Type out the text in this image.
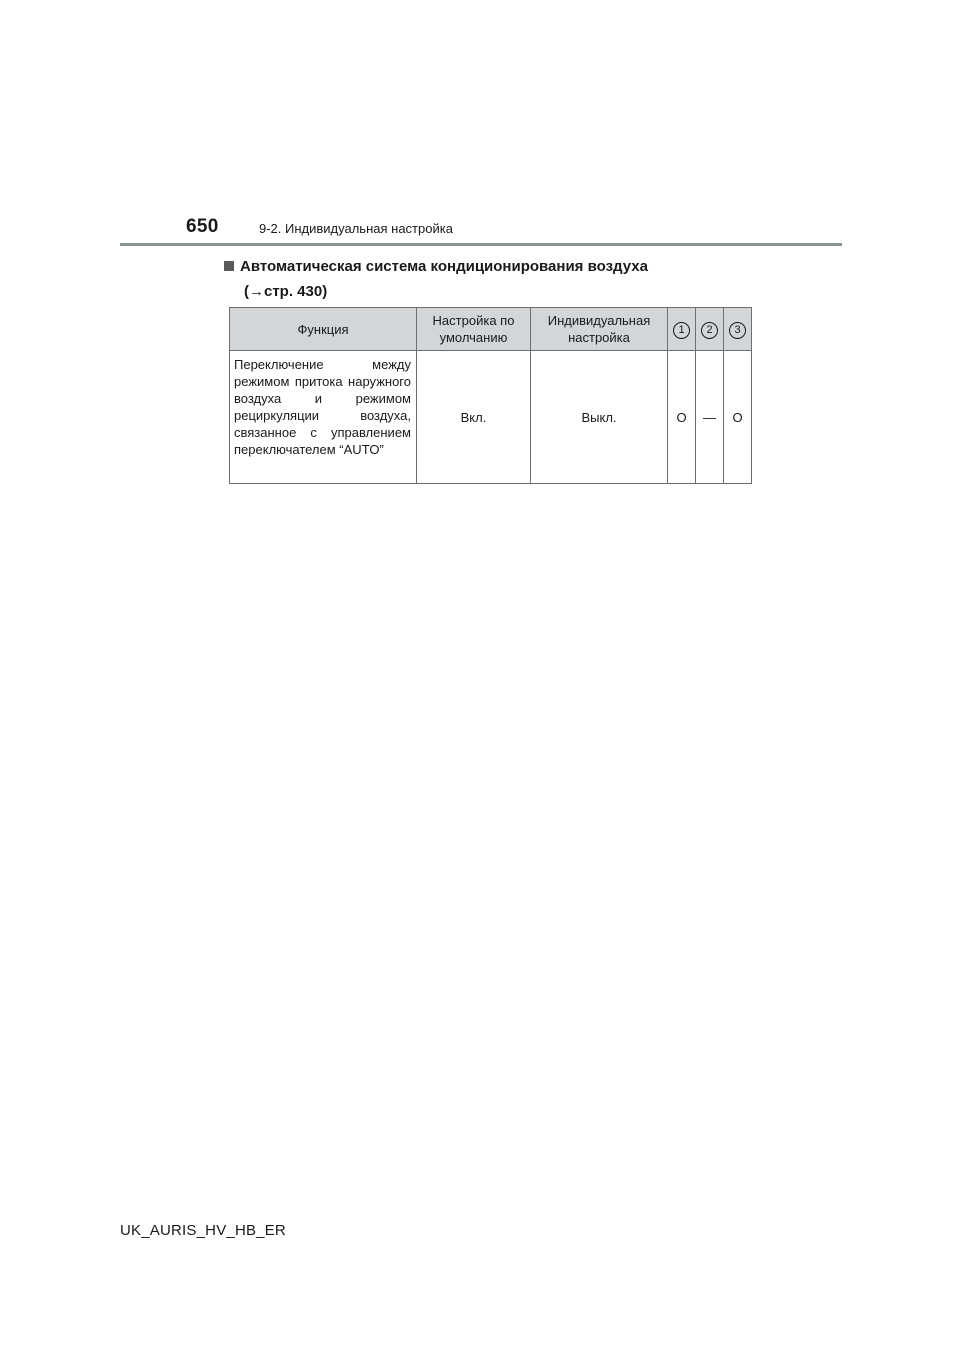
650	9-2. Индивидуальная настройка
Автоматическая система кондиционирования воздуха
(→стр. 430)
Функция	Настройка по умолчанию	Индивидуальная настройка	1	2	3
Переключение между режимом притока наружного воздуха и режимом рециркуляции воздуха, связанное с управлением переключателем “AUTO”	Вкл.	Выкл.	O	—	O
UK_AURIS_HV_HB_ER
